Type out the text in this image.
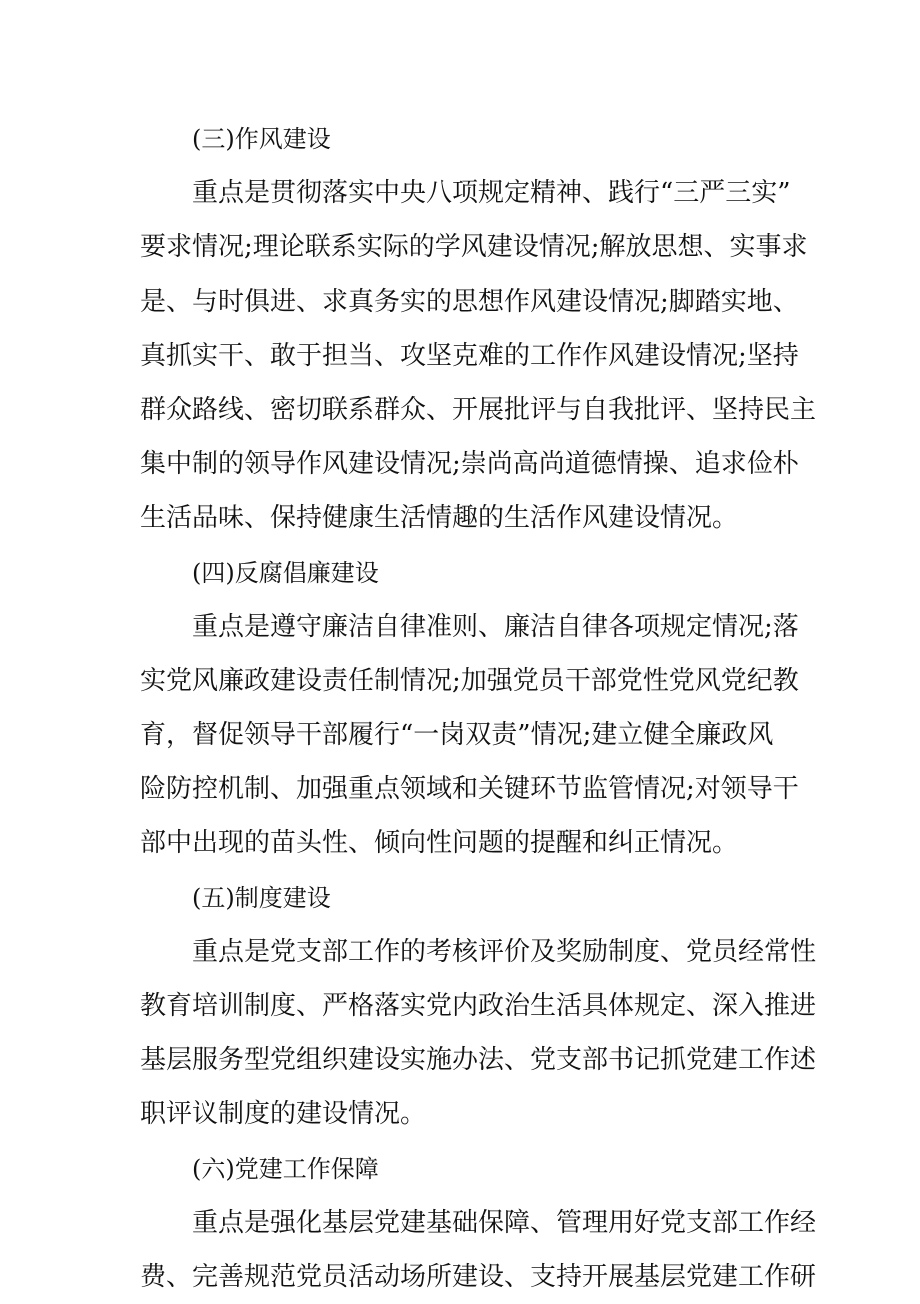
(三)作风建设
重点是贯彻落实中央八项规定精神、践行“三严三实”
要求情况;理论联系实际的学风建设情况;解放思想、实事求
是、与时俱进、求真务实的思想作风建设情况;脚踏实地、
真抓实干、敢于担当、攻坚克难的工作作风建设情况;坚持
群众路线、密切联系群众、开展批评与自我批评、坚持民主
集中制的领导作风建设情况;崇尚高尚道德情操、追求俭朴
生活品味、保持健康生活情趣的生活作风建设情况。
(四)反腐倡廉建设
重点是遵守廉洁自律准则、廉洁自律各项规定情况;落
实党风廉政建设责任制情况;加强党员干部党性党风党纪教
育，督促领导干部履行“一岗双责”情况;建立健全廉政风
险防控机制、加强重点领域和关键环节监管情况;对领导干
部中出现的苗头性、倾向性问题的提醒和纠正情况。
(五)制度建设
重点是党支部工作的考核评价及奖励制度、党员经常性
教育培训制度、严格落实党内政治生活具体规定、深入推进
基层服务型党组织建设实施办法、党支部书记抓党建工作述
职评议制度的建设情况。
(六)党建工作保障
重点是强化基层党建基础保障、管理用好党支部工作经
费、完善规范党员活动场所建设、支持开展基层党建工作研
